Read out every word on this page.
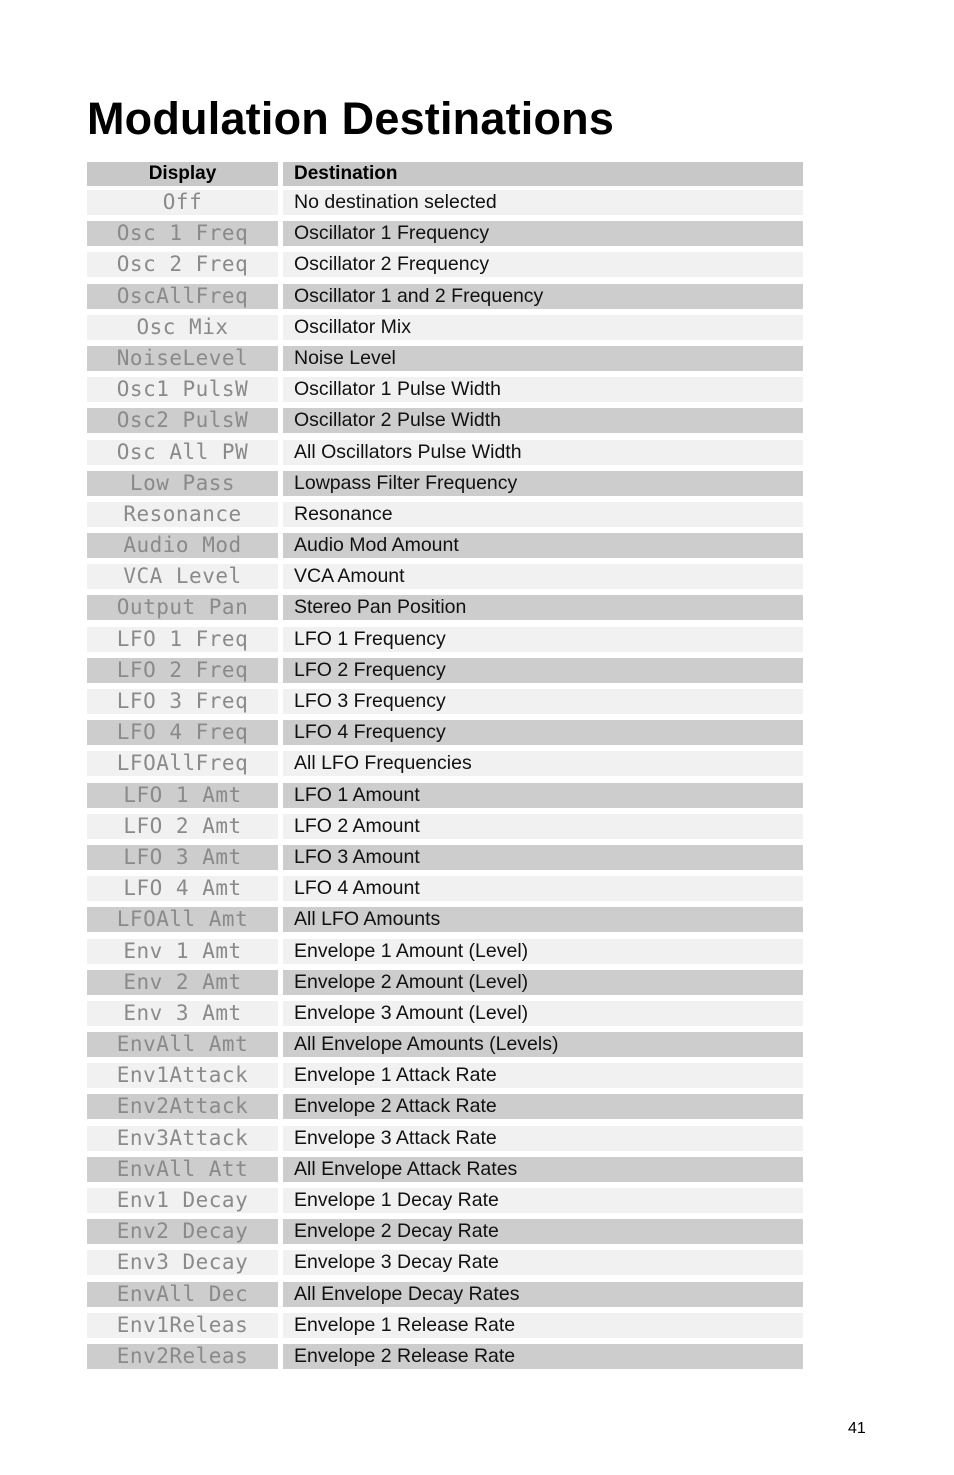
Modulation Destinations
Display	Destination
Off	No destination selected
Osc 1 Freq	Oscillator 1 Frequency
Osc 2 Freq	Oscillator 2 Frequency
OscAllFreq	Oscillator 1 and 2 Frequency
Osc Mix	Oscillator Mix
NoiseLevel	Noise Level
Osc1 PulsW	Oscillator 1 Pulse Width
Osc2 PulsW	Oscillator 2 Pulse Width
Osc All PW	All Oscillators Pulse Width
Low Pass	Lowpass Filter Frequency
Resonance	Resonance
Audio Mod	Audio Mod Amount
VCA Level	VCA Amount
Output Pan	Stereo Pan Position
LFO 1 Freq	LFO 1 Frequency
LFO 2 Freq	LFO 2 Frequency
LFO 3 Freq	LFO 3 Frequency
LFO 4 Freq	LFO 4 Frequency
LFOAllFreq	All LFO Frequencies
LFO 1 Amt	LFO 1 Amount
LFO 2 Amt	LFO 2 Amount
LFO 3 Amt	LFO 3 Amount
LFO 4 Amt	LFO 4 Amount
LFOAll Amt	All LFO Amounts
Env 1 Amt	Envelope 1 Amount (Level)
Env 2 Amt	Envelope 2 Amount (Level)
Env 3 Amt	Envelope 3 Amount (Level)
EnvAll Amt	All Envelope Amounts (Levels)
Env1Attack	Envelope 1 Attack Rate
Env2Attack	Envelope 2 Attack Rate
Env3Attack	Envelope 3 Attack Rate
EnvAll Att	All Envelope Attack Rates
Env1 Decay	Envelope 1 Decay Rate
Env2 Decay	Envelope 2 Decay Rate
Env3 Decay	Envelope 3 Decay Rate
EnvAll Dec	All Envelope Decay Rates
Env1Releas	Envelope 1 Release Rate
Env2Releas	Envelope 2 Release Rate
41
